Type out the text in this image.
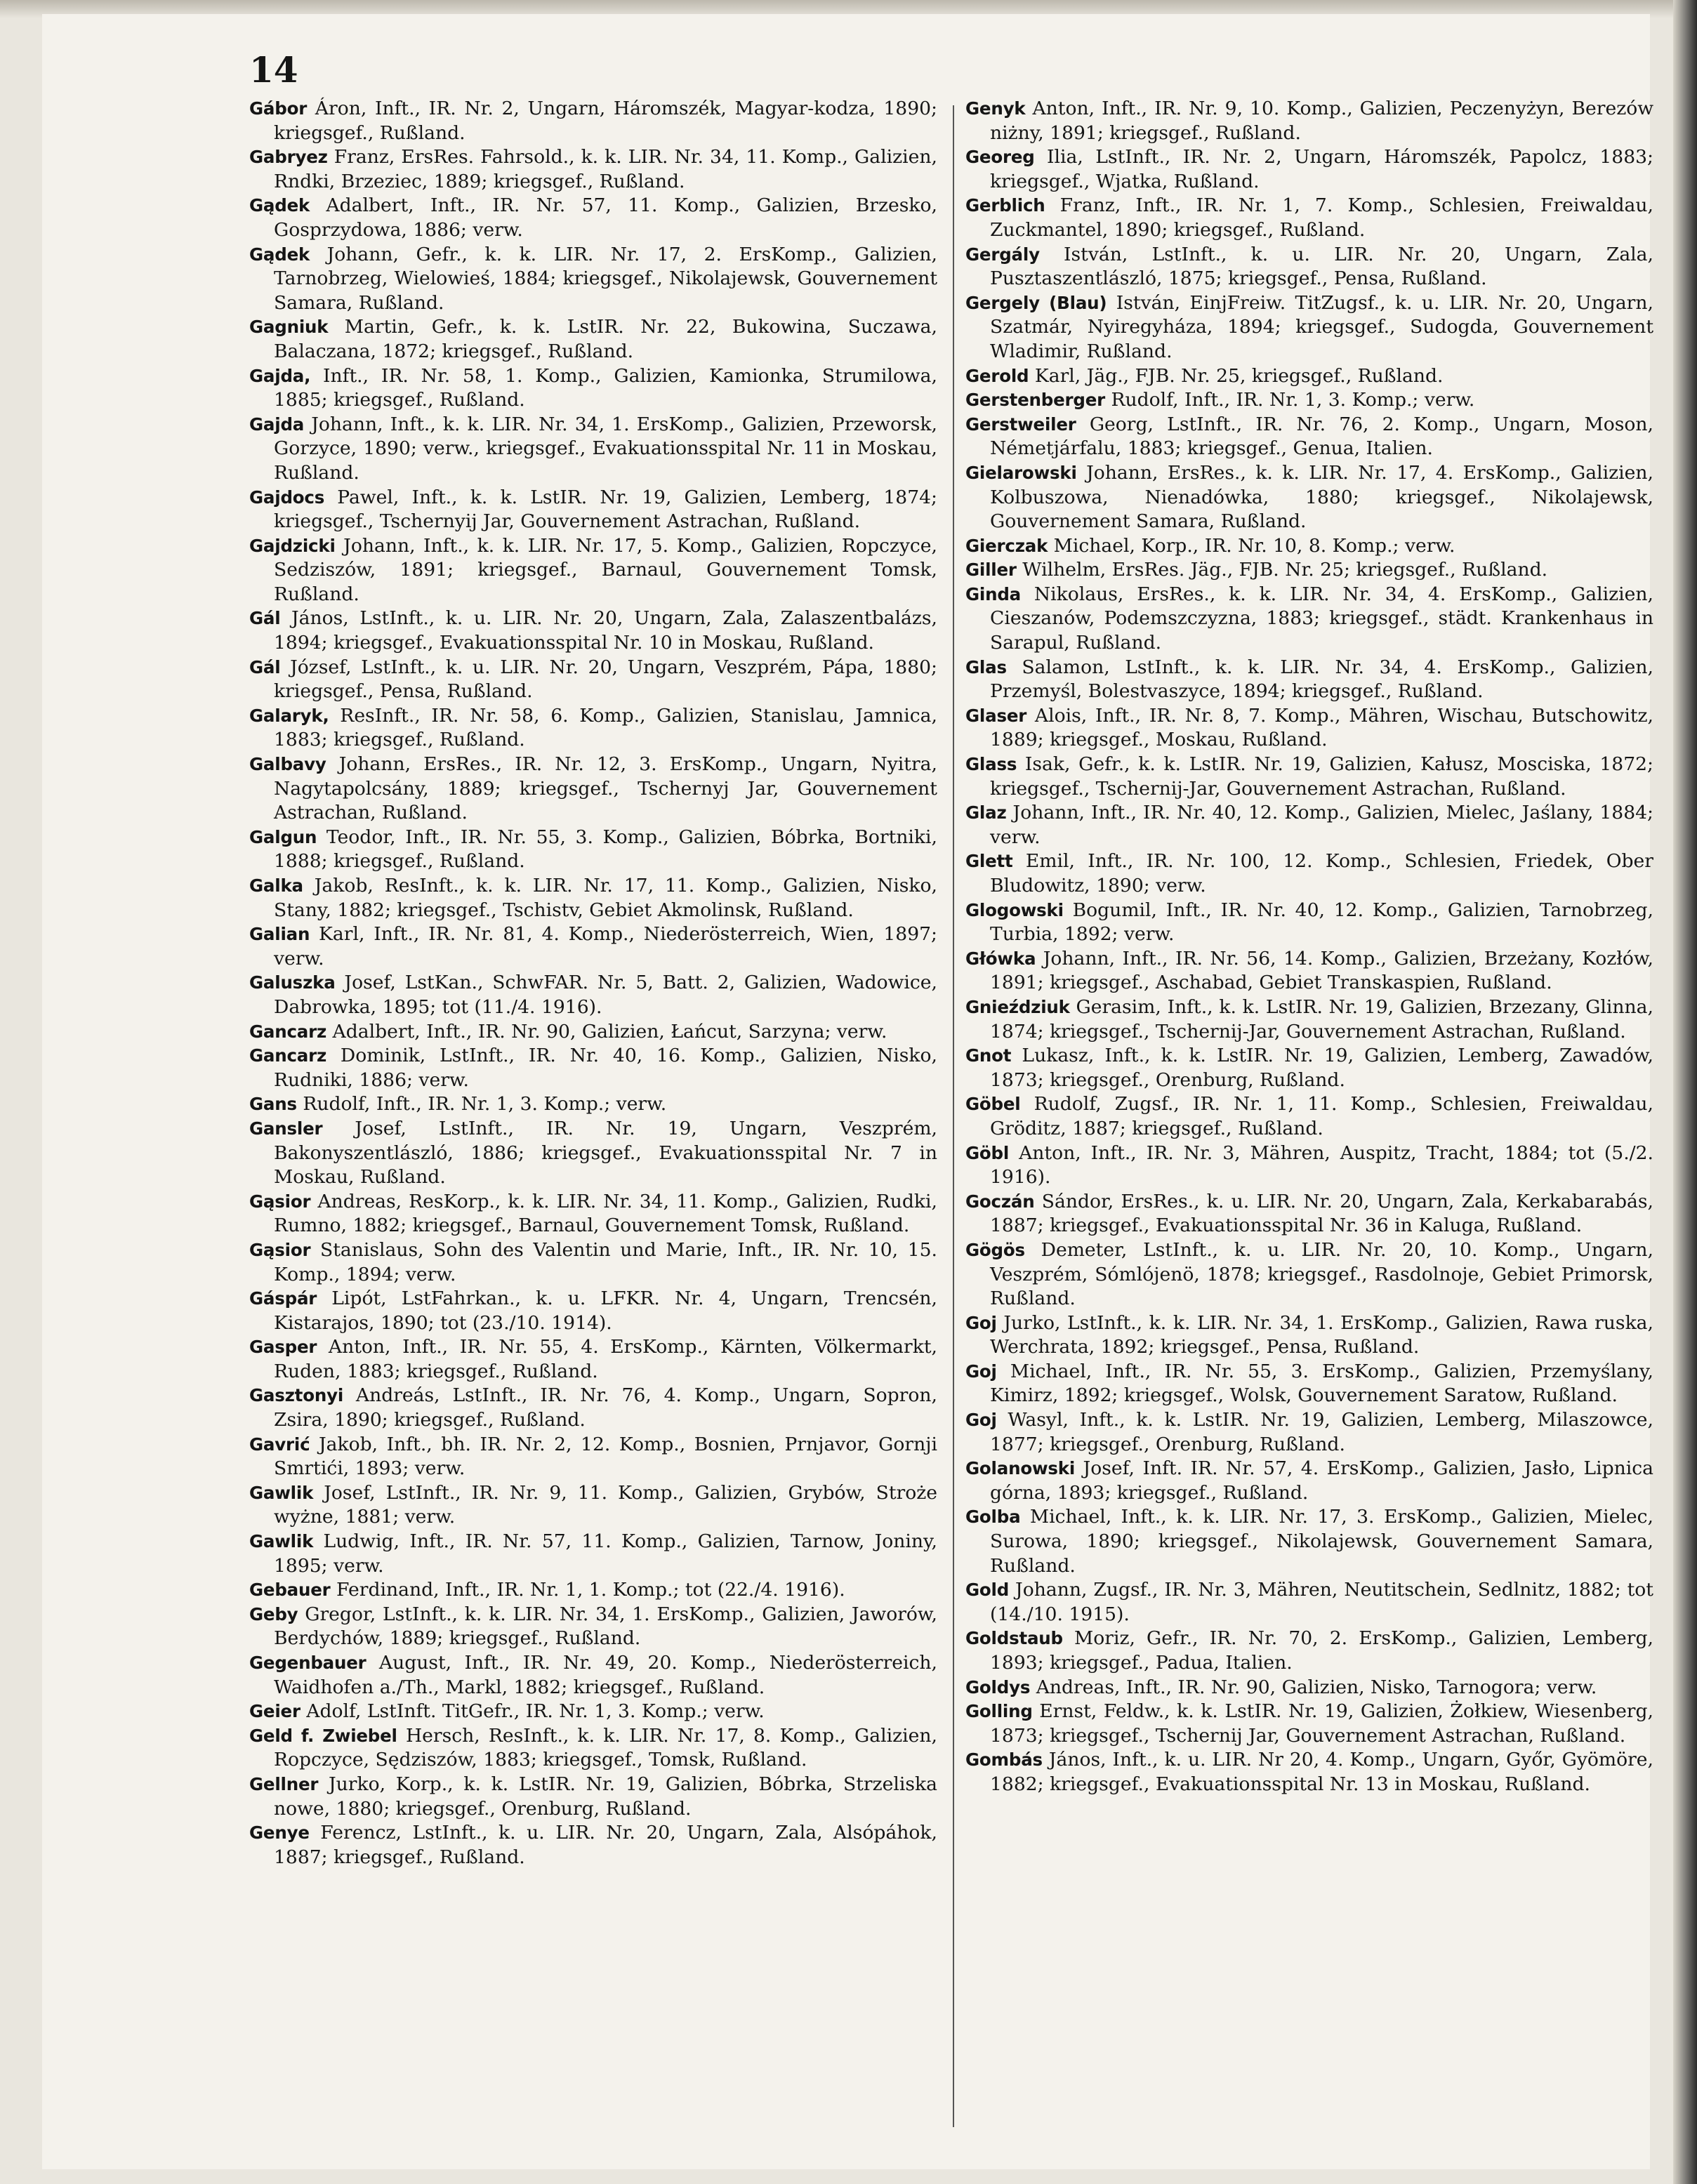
14
Gábor Áron, Inft., IR. Nr. 2, Ungarn, Háromszék, Magyar-kodza, 1890; kriegsgef., Rußland.
Gabryez Franz, ErsRes. Fahrsold., k. k. LIR. Nr. 34, 11. Komp., Galizien, Rndki, Brzeziec, 1889; kriegsgef., Rußland.
Gądek Adalbert, Inft., IR. Nr. 57, 11. Komp., Galizien, Brzesko, Gosprzydowa, 1886; verw.
Gądek Johann, Gefr., k. k. LIR. Nr. 17, 2. ErsKomp., Galizien, Tarnobrzeg, Wielowieś, 1884; kriegsgef., Nikolajewsk, Gouvernement Samara, Rußland.
Gagniuk Martin, Gefr., k. k. LstIR. Nr. 22, Bukowina, Suczawa, Balaczana, 1872; kriegsgef., Rußland.
Gajda, Inft., IR. Nr. 58, 1. Komp., Galizien, Kamionka, Strumilowa, 1885; kriegsgef., Rußland.
Gajda Johann, Inft., k. k. LIR. Nr. 34, 1. ErsKomp., Galizien, Przeworsk, Gorzyce, 1890; verw., kriegsgef., Evakuationsspital Nr. 11 in Moskau, Rußland.
Gajdocs Pawel, Inft., k. k. LstIR. Nr. 19, Galizien, Lemberg, 1874; kriegsgef., Tschernyij Jar, Gouvernement Astrachan, Rußland.
Gajdzicki Johann, Inft., k. k. LIR. Nr. 17, 5. Komp., Galizien, Ropczyce, Sedziszów, 1891; kriegsgef., Barnaul, Gouvernement Tomsk, Rußland.
Gál János, LstInft., k. u. LIR. Nr. 20, Ungarn, Zala, Zalaszentbalázs, 1894; kriegsgef., Evakuationsspital Nr. 10 in Moskau, Rußland.
Gál József, LstInft., k. u. LIR. Nr. 20, Ungarn, Veszprém, Pápa, 1880; kriegsgef., Pensa, Rußland.
Galaryk, ResInft., IR. Nr. 58, 6. Komp., Galizien, Stanislau, Jamnica, 1883; kriegsgef., Rußland.
Galbavy Johann, ErsRes., IR. Nr. 12, 3. ErsKomp., Ungarn, Nyitra, Nagytapolcsány, 1889; kriegsgef., Tschernyj Jar, Gouvernement Astrachan, Rußland.
Galgun Teodor, Inft., IR. Nr. 55, 3. Komp., Galizien, Bóbrka, Bortniki, 1888; kriegsgef., Rußland.
Galka Jakob, ResInft., k. k. LIR. Nr. 17, 11. Komp., Galizien, Nisko, Stany, 1882; kriegsgef., Tschistv, Gebiet Akmolinsk, Rußland.
Galian Karl, Inft., IR. Nr. 81, 4. Komp., Niederösterreich, Wien, 1897; verw.
Galuszka Josef, LstKan., SchwFAR. Nr. 5, Batt. 2, Galizien, Wadowice, Dabrowka, 1895; tot (11./4. 1916).
Gancarz Adalbert, Inft., IR. Nr. 90, Galizien, Łańcut, Sarzyna; verw.
Gancarz Dominik, LstInft., IR. Nr. 40, 16. Komp., Galizien, Nisko, Rudniki, 1886; verw.
Gans Rudolf, Inft., IR. Nr. 1, 3. Komp.; verw.
Gansler Josef, LstInft., IR. Nr. 19, Ungarn, Veszprém, Bakonyszentlászló, 1886; kriegsgef., Evakuationsspital Nr. 7 in Moskau, Rußland.
Gąsior Andreas, ResKorp., k. k. LIR. Nr. 34, 11. Komp., Galizien, Rudki, Rumno, 1882; kriegsgef., Barnaul, Gouvernement Tomsk, Rußland.
Gąsior Stanislaus, Sohn des Valentin und Marie, Inft., IR. Nr. 10, 15. Komp., 1894; verw.
Gáspár Lipót, LstFahrkan., k. u. LFKR. Nr. 4, Ungarn, Trencsén, Kistarajos, 1890; tot (23./10. 1914).
Gasper Anton, Inft., IR. Nr. 55, 4. ErsKomp., Kärnten, Völkermarkt, Ruden, 1883; kriegsgef., Rußland.
Gasztonyi Andreás, LstInft., IR. Nr. 76, 4. Komp., Ungarn, Sopron, Zsira, 1890; kriegsgef., Rußland.
Gavrić Jakob, Inft., bh. IR. Nr. 2, 12. Komp., Bosnien, Prnjavor, Gornji Smrtići, 1893; verw.
Gawlik Josef, LstInft., IR. Nr. 9, 11. Komp., Galizien, Grybów, Stroże wyżne, 1881; verw.
Gawlik Ludwig, Inft., IR. Nr. 57, 11. Komp., Galizien, Tarnow, Joniny, 1895; verw.
Gebauer Ferdinand, Inft., IR. Nr. 1, 1. Komp.; tot (22./4. 1916).
Geby Gregor, LstInft., k. k. LIR. Nr. 34, 1. ErsKomp., Galizien, Jaworów, Berdychów, 1889; kriegsgef., Rußland.
Gegenbauer August, Inft., IR. Nr. 49, 20. Komp., Niederösterreich, Waidhofen a./Th., Markl, 1882; kriegsgef., Rußland.
Geier Adolf, LstInft. TitGefr., IR. Nr. 1, 3. Komp.; verw.
Geld f. Zwiebel Hersch, ResInft., k. k. LIR. Nr. 17, 8. Komp., Galizien, Ropczyce, Sędziszów, 1883; kriegsgef., Tomsk, Rußland.
Gellner Jurko, Korp., k. k. LstIR. Nr. 19, Galizien, Bóbrka, Strzeliska nowe, 1880; kriegsgef., Orenburg, Rußland.
Genye Ferencz, LstInft., k. u. LIR. Nr. 20, Ungarn, Zala, Alsópáhok, 1887; kriegsgef., Rußland.
Genyk Anton, Inft., IR. Nr. 9, 10. Komp., Galizien, Peczenyżyn, Berezów niżny, 1891; kriegsgef., Rußland.
Georeg Ilia, LstInft., IR. Nr. 2, Ungarn, Háromszék, Papolcz, 1883; kriegsgef., Wjatka, Rußland.
Gerblich Franz, Inft., IR. Nr. 1, 7. Komp., Schlesien, Freiwaldau, Zuckmantel, 1890; kriegsgef., Rußland.
Gergály István, LstInft., k. u. LIR. Nr. 20, Ungarn, Zala, Pusztaszentlászló, 1875; kriegsgef., Pensa, Rußland.
Gergely (Blau) István, EinjFreiw. TitZugsf., k. u. LIR. Nr. 20, Ungarn, Szatmár, Nyiregyháza, 1894; kriegsgef., Sudogda, Gouvernement Wladimir, Rußland.
Gerold Karl, Jäg., FJB. Nr. 25, kriegsgef., Rußland.
Gerstenberger Rudolf, Inft., IR. Nr. 1, 3. Komp.; verw.
Gerstweiler Georg, LstInft., IR. Nr. 76, 2. Komp., Ungarn, Moson, Németjárfalu, 1883; kriegsgef., Genua, Italien.
Gielarowski Johann, ErsRes., k. k. LIR. Nr. 17, 4. ErsKomp., Galizien, Kolbuszowa, Nienadówka, 1880; kriegsgef., Nikolajewsk, Gouvernement Samara, Rußland.
Gierczak Michael, Korp., IR. Nr. 10, 8. Komp.; verw.
Giller Wilhelm, ErsRes. Jäg., FJB. Nr. 25; kriegsgef., Rußland.
Ginda Nikolaus, ErsRes., k. k. LIR. Nr. 34, 4. ErsKomp., Galizien, Cieszanów, Podemszczyzna, 1883; kriegsgef., städt. Krankenhaus in Sarapul, Rußland.
Glas Salamon, LstInft., k. k. LIR. Nr. 34, 4. ErsKomp., Galizien, Przemyśl, Bolestvaszyce, 1894; kriegsgef., Rußland.
Glaser Alois, Inft., IR. Nr. 8, 7. Komp., Mähren, Wischau, Butschowitz, 1889; kriegsgef., Moskau, Rußland.
Glass Isak, Gefr., k. k. LstIR. Nr. 19, Galizien, Kałusz, Mosciska, 1872; kriegsgef., Tschernij-Jar, Gouvernement Astrachan, Rußland.
Glaz Johann, Inft., IR. Nr. 40, 12. Komp., Galizien, Mielec, Jaślany, 1884; verw.
Glett Emil, Inft., IR. Nr. 100, 12. Komp., Schlesien, Friedek, Ober Bludowitz, 1890; verw.
Glogowski Bogumil, Inft., IR. Nr. 40, 12. Komp., Galizien, Tarnobrzeg, Turbia, 1892; verw.
Główka Johann, Inft., IR. Nr. 56, 14. Komp., Galizien, Brzeżany, Kozłów, 1891; kriegsgef., Aschabad, Gebiet Transkaspien, Rußland.
Gnieździuk Gerasim, Inft., k. k. LstIR. Nr. 19, Galizien, Brzezany, Glinna, 1874; kriegsgef., Tschernij-Jar, Gouvernement Astrachan, Rußland.
Gnot Lukasz, Inft., k. k. LstIR. Nr. 19, Galizien, Lemberg, Zawadów, 1873; kriegsgef., Orenburg, Rußland.
Göbel Rudolf, Zugsf., IR. Nr. 1, 11. Komp., Schlesien, Freiwaldau, Gröditz, 1887; kriegsgef., Rußland.
Göbl Anton, Inft., IR. Nr. 3, Mähren, Auspitz, Tracht, 1884; tot (5./2. 1916).
Goczán Sándor, ErsRes., k. u. LIR. Nr. 20, Ungarn, Zala, Kerkabarabás, 1887; kriegsgef., Evakuationsspital Nr. 36 in Kaluga, Rußland.
Gögös Demeter, LstInft., k. u. LIR. Nr. 20, 10. Komp., Ungarn, Veszprém, Sómlójenö, 1878; kriegsgef., Rasdolnoje, Gebiet Primorsk, Rußland.
Goj Jurko, LstInft., k. k. LIR. Nr. 34, 1. ErsKomp., Galizien, Rawa ruska, Werchrata, 1892; kriegsgef., Pensa, Rußland.
Goj Michael, Inft., IR. Nr. 55, 3. ErsKomp., Galizien, Przemyślany, Kimirz, 1892; kriegsgef., Wolsk, Gouvernement Saratow, Rußland.
Goj Wasyl, Inft., k. k. LstIR. Nr. 19, Galizien, Lemberg, Milaszowce, 1877; kriegsgef., Orenburg, Rußland.
Golanowski Josef, Inft. IR. Nr. 57, 4. ErsKomp., Galizien, Jasło, Lipnica górna, 1893; kriegsgef., Rußland.
Golba Michael, Inft., k. k. LIR. Nr. 17, 3. ErsKomp., Galizien, Mielec, Surowa, 1890; kriegsgef., Nikolajewsk, Gouvernement Samara, Rußland.
Gold Johann, Zugsf., IR. Nr. 3, Mähren, Neutitschein, Sedlnitz, 1882; tot (14./10. 1915).
Goldstaub Moriz, Gefr., IR. Nr. 70, 2. ErsKomp., Galizien, Lemberg, 1893; kriegsgef., Padua, Italien.
Goldys Andreas, Inft., IR. Nr. 90, Galizien, Nisko, Tarnogora; verw.
Golling Ernst, Feldw., k. k. LstIR. Nr. 19, Galizien, Żołkiew, Wiesenberg, 1873; kriegsgef., Tschernij Jar, Gouvernement Astrachan, Rußland.
Gombás János, Inft., k. u. LIR. Nr 20, 4. Komp., Ungarn, Győr, Gyömöre, 1882; kriegsgef., Evakuationsspital Nr. 13 in Moskau, Rußland.
